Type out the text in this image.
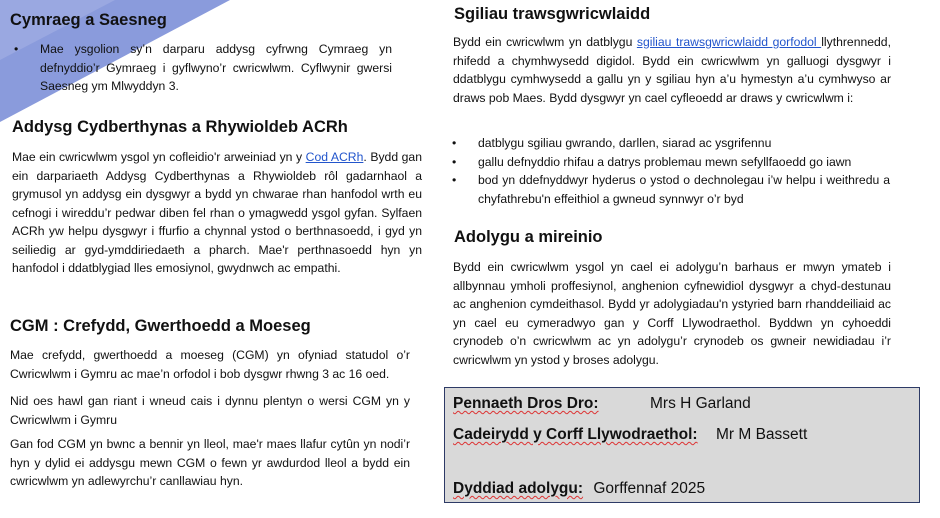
Cymraeg a Saesneg
• Mae ysgolion sy’n darparu addysg cyfrwng Cymraeg yn defnyddio’r Gymraeg i gyflwyno’r cwricwlwm. Cyflwynir gwersi Saesneg ym Mlwyddyn 3.
Addysg Cydberthynas a Rhywioldeb ACRh

Mae ein cwricwlwm ysgol yn cofleidio'r arweiniad yn y Cod ACRh. Bydd gan ein darpariaeth Addysg Cydberthynas a Rhywioldeb rôl gadarnhaol a grymusol yn addysg ein dysgwyr a bydd yn chwarae rhan hanfodol wrth eu cefnogi i wireddu’r pedwar diben fel rhan o ymagwedd ysgol gyfan. Sylfaen ACRh yw helpu dysgwyr i ffurfio a chynnal ystod o berthnasoedd, i gyd yn seiliedig ar gyd-ymddiriedaeth a pharch. Mae'r perthnasoedd hyn yn hanfodol i ddatblygiad lles emosiynol, gwydnwch ac empathi.

CGM : Crefydd, Gwerthoedd a Moeseg

Mae crefydd, gwerthoedd a moeseg (CGM) yn ofyniad statudol o’r Cwricwlwm i Gymru ac mae’n orfodol i bob dysgwr rhwng 3 ac 16 oed.

Nid oes hawl gan riant i wneud cais i dynnu plentyn o wersi CGM yn y Cwricwlwm i Gymru

Gan fod CGM yn bwnc a bennir yn lleol, mae'r maes llafur cytûn yn nodi’r hyn y dylid ei addysgu mewn CGM o fewn yr awdurdod lleol a bydd ein cwricwlwm yn adlewyrchu’r canllawiau hyn.

Sgiliau trawsgwricwlaidd

Bydd ein cwricwlwm yn datblygu sgiliau trawsgwricwlaidd gorfodol llythrennedd, rhifedd a chymhwysedd digidol. Bydd ein cwricwlwm yn galluogi dysgwyr i ddatblygu cymhwysedd a gallu yn y sgiliau hyn a’u hymestyn a’u cymhwyso ar draws pob Maes. Bydd dysgwyr yn cael cyfleoedd ar draws y cwricwlwm i:

• datblygu sgiliau gwrando, darllen, siarad ac ysgrifennu
• gallu defnyddio rhifau a datrys problemau mewn sefyllfaoedd go iawn
• bod yn ddefnyddwyr hyderus o ystod o dechnolegau i’w helpu i weithredu a chyfathrebu'n effeithiol a gwneud synnwyr o’r byd
Adolygu a mireinio

Bydd ein cwricwlwm ysgol yn cael ei adolygu’n barhaus er mwyn ymateb i allbynnau ymholi proffesiynol, anghenion cyfnewidiol dysgwyr a chyd-destunau ac anghenion cymdeithasol. Bydd yr adolygiadau'n ystyried barn rhanddeiliaid ac yn cael eu cymeradwyo gan y Corff Llywodraethol. Byddwn yn cyhoeddi crynodeb o’n cwricwlwm ac yn adolygu’r crynodeb os gwneir newidiadau i’r cwricwlwm yn ystod y broses adolygu.

Pennaeth Dros Dro:	Mrs H Garland
Cadeirydd y Corff Llywodraethol: Mr M Bassett
Dyddiad adolygu: Gorffennaf 2025
